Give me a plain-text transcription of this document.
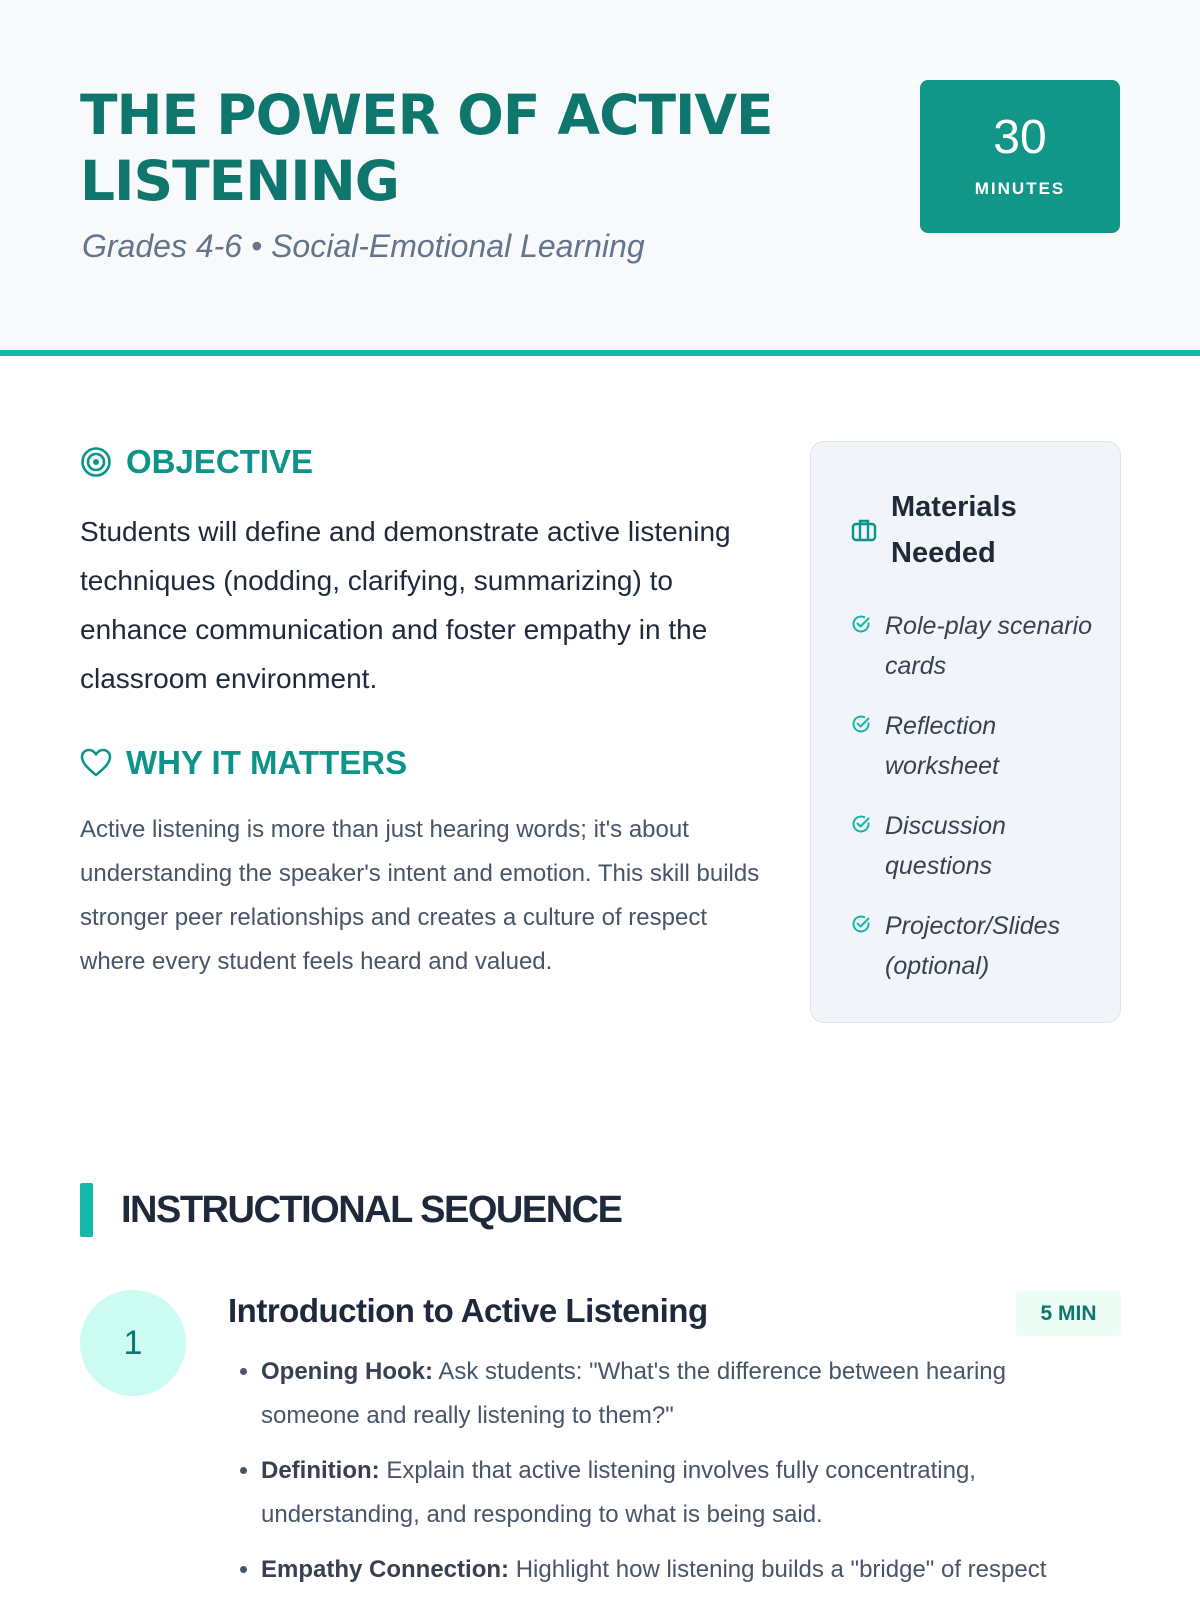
THE POWER OF ACTIVE LISTENING
Grades 4-6 • Social-Emotional Learning
30
MINUTES
OBJECTIVE

Students will define and demonstrate active listening techniques (nodding, clarifying, summarizing) to enhance communication and foster empathy in the classroom environment.

WHY IT MATTERS

Active listening is more than just hearing words; it's about understanding the speaker's intent and emotion. This skill builds stronger peer relationships and creates a culture of respect where every student feels heard and valued.

Materials Needed
Role-play scenario cards
Reflection worksheet
Discussion questions
Projector/Slides (optional)
INSTRUCTIONAL SEQUENCE
1
Introduction to Active Listening	5 MIN
• Opening Hook: Ask students: "What's the difference between hearing someone and really listening to them?"
• Definition: Explain that active listening involves fully concentrating, understanding, and responding to what is being said.
• Empathy Connection: Highlight how listening builds a "bridge" of respect
